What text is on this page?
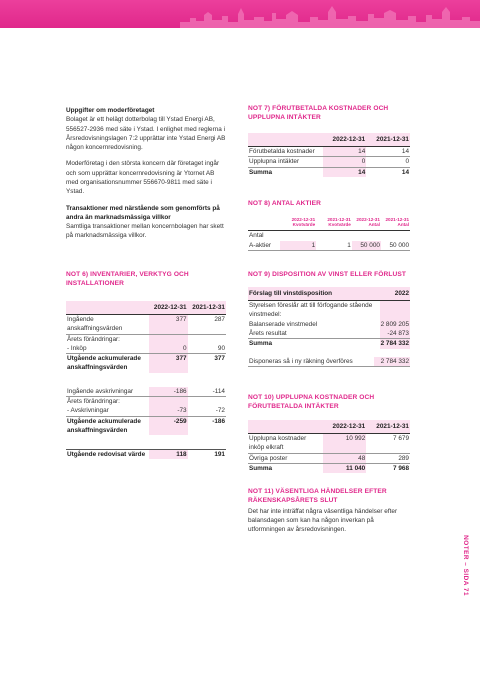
Uppgifter om moderföretaget

Bolaget är ett helägt dotterbolag till Ystad Energi AB, 556527-2936 med säte i Ystad. I enlighet med reglerna i Årsredovisningslagen 7:2 upprättar inte Ystad Energi AB någon koncernredovisning.

Moderföretag i den största koncern där företaget ingår och som upprättar koncernredovisning är Ytornet AB med organisationsnummer 556670-9811 med säte i Ystad.

Transaktioner med närstående som genomförts på andra än marknadsmässiga villkor

Samtliga transaktioner mellan koncernbolagen har skett på marknadsmässiga villkor.

NOT 6) INVENTARIER, VERKTYG OCH INSTALLATIONER
	2022-12-31	2021-12-31
Ingående anskaffningsvärden	377	287
Årets förändringar:		
- Inköp	0	90
Utgående ackumulerade anskaffningsvärden	377	377

Ingående avskrivningar	-186	-114
Årets förändringar:		
- Avskrivningar	-73	-72
Utgående ackumulerade anskaffningsvärden	-259	-186

Utgående redovisat värde	118	191
NOT 7) FÖRUTBETALDA KOSTNADER OCH UPPLUPNA INTÄKTER
	2022-12-31	2021-12-31
Förutbetalda kostnader	14	14
Upplupna intäkter	0	0
Summa	14	14
NOT 8) ANTAL AKTIER
	2022-12-31 Kvotvärde	2021-12-31 Kvotvärde	2022-12-31 Antal	2021-12-31 Antal
Antal				
A-aktier	1	1	50 000	50 000
NOT 9) DISPOSITION AV VINST ELLER FÖRLUST
Förslag till vinstdisposition	2022
Styrelsen föreslår att till förfogande stående vinstmedel:	
Balanserade vinstmedel	2 809 205
Årets resultat	-24 873
Summa	2 784 332
Disponeras så i ny räkning överföres	2 784 332
NOT 10) UPPLUPNA KOSTNADER OCH FÖRUTBETALDA INTÄKTER
	2022-12-31	2021-12-31
Upplupna kostnader inköp elkraft	10 992	7 679
Övriga poster	48	289
Summa	11 040	7 968
NOT 11) VÄSENTLIGA HÄNDELSER EFTER RÄKENSKAPSÅRETS SLUT

Det har inte inträffat några väsentliga händelser efter balansdagen som kan ha någon inverkan på utformningen av årsredovisningen.

NOTER – SIDA 71
